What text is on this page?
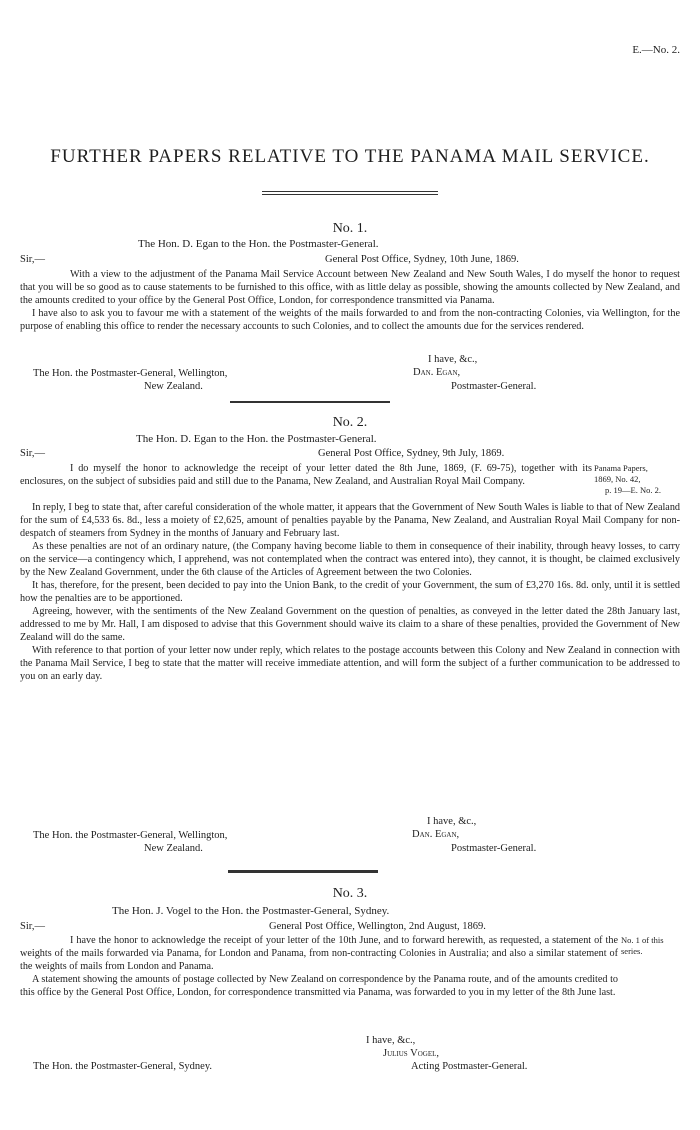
E.—No. 2.
FURTHER PAPERS RELATIVE TO THE PANAMA MAIL SERVICE.
No. 1.
The Hon. D. Egan to the Hon. the Postmaster-General.
Sir,—	General Post Office, Sydney, 10th June, 1869.
With a view to the adjustment of the Panama Mail Service Account between New Zealand and New South Wales, I do myself the honor to request that you will be so good as to cause statements to be furnished to this office, with as little delay as possible, showing the amounts collected by New Zealand, and the amounts credited to your office by the General Post Office, London, for correspondence transmitted via Panama.
I have also to ask you to favour me with a statement of the weights of the mails forwarded to and from the non-contracting Colonies, via Wellington, for the purpose of enabling this office to render the necessary accounts to such Colonies, and to collect the amounts due for the services rendered.
I have, &c.,
Dan. Egan,
The Hon. the Postmaster-General, Wellington,
New Zealand.	Postmaster-General.
No. 2.
The Hon. D. Egan to the Hon. the Postmaster-General.
Sir,—	General Post Office, Sydney, 9th July, 1869.
Panama Papers,
1869, No. 42,
p. 19—E. No. 2.
I do myself the honor to acknowledge the receipt of your letter dated the 8th June, 1869, (F. 69-75), together with its enclosures, on the subject of subsidies paid and still due to the Panama, New Zealand, and Australian Royal Mail Company.
In reply, I beg to state that, after careful consideration of the whole matter, it appears that the Government of New South Wales is liable to that of New Zealand for the sum of £4,533 6s. 8d., less a moiety of £2,625, amount of penalties payable by the Panama, New Zealand, and Australian Royal Mail Company for non-despatch of steamers from Sydney in the months of January and February last.
As these penalties are not of an ordinary nature, (the Company having become liable to them in consequence of their inability, through heavy losses, to carry on the service—a contingency which, I apprehend, was not contemplated when the contract was entered into), they cannot, it is thought, be claimed exclusively by the New Zealand Government, under the 6th clause of the Articles of Agreement between the two Colonies.
It has, therefore, for the present, been decided to pay into the Union Bank, to the credit of your Government, the sum of £3,270 16s. 8d. only, until it is settled how the penalties are to be apportioned.
Agreeing, however, with the sentiments of the New Zealand Government on the question of penalties, as conveyed in the letter dated the 28th January last, addressed to me by Mr. Hall, I am disposed to advise that this Government should waive its claim to a share of these penalties, provided the Government of New Zealand will do the same.
With reference to that portion of your letter now under reply, which relates to the postage accounts between this Colony and New Zealand in connection with the Panama Mail Service, I beg to state that the matter will receive immediate attention, and will form the subject of a further communication to be addressed to you on an early day.
I have, &c.,
Dan. Egan,
The Hon. the Postmaster-General, Wellington,
New Zealand.	Postmaster-General.
No. 3.
The Hon. J. Vogel to the Hon. the Postmaster-General, Sydney.
Sir,—	General Post Office, Wellington, 2nd August, 1869.
No. 1 of this
series.
I have the honor to acknowledge the receipt of your letter of the 10th June, and to forward herewith, as requested, a statement of the weights of the mails forwarded via Panama, for London and Panama, from non-contracting Colonies in Australia; and also a similar statement of the weights of mails from London and Panama.
A statement showing the amounts of postage collected by New Zealand on correspondence by the Panama route, and of the amounts credited to this office by the General Post Office, London, for correspondence transmitted via Panama, was forwarded to you in my letter of the 8th June last.
I have, &c.,
Julius Vogel,
The Hon. the Postmaster-General, Sydney.	Acting Postmaster-General.
